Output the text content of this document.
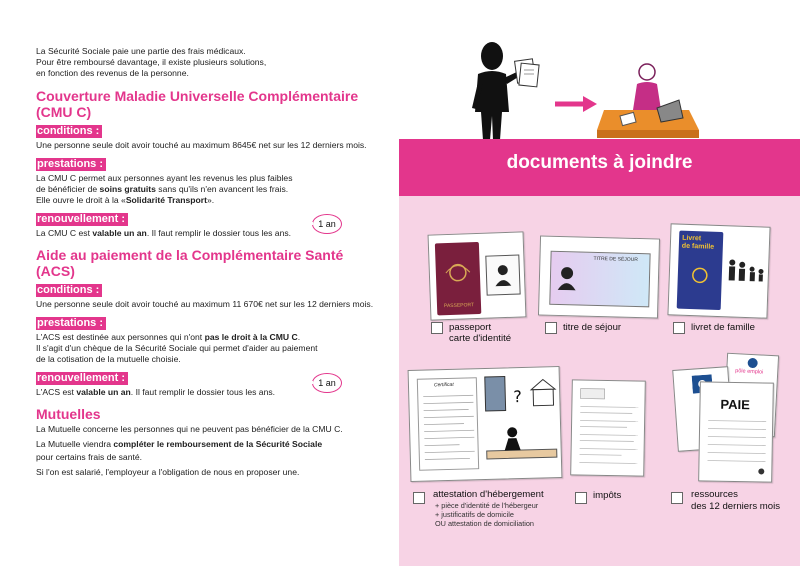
La Sécurité Sociale paie une partie des frais médicaux.
Pour être remboursé davantage, il existe plusieurs solutions,
en fonction des revenus de la personne.
Couverture Maladie Universelle Complémentaire (CMU C)
conditions :
Une personne seule doit avoir touché au maximum 8645€ net sur les 12 derniers mois.
prestations :
La CMU C permet aux personnes ayant les revenus les plus faibles
de bénéficier de soins gratuits sans qu'ils n'en avancent les frais.
Elle ouvre le droit à la «Solidarité Transport».
renouvellement :	1 an
La CMU C est valable un an. Il faut remplir le dossier tous les ans.
Aide au paiement de la Complémentaire Santé (ACS)
conditions :
Une personne seule doit avoir touché au maximum 11 670€ net sur les 12 derniers mois.
prestations :
L'ACS est destinée aux personnes qui n'ont pas le droit à la CMU C.
Il s'agit d'un chèque de la Sécurité Sociale qui permet d'aider au paiement
de la cotisation de la mutuelle choisie.
renouvellement :	1 an
L'ACS est valable un an. Il faut remplir le dossier tous les ans.
Mutuelles
La Mutuelle concerne les personnes qui ne peuvent pas bénéficier de la CMU C.
La Mutuelle viendra compléter le remboursement de la Sécurité Sociale
pour certains frais de santé.
Si l'on est salarié, l'employeur a l'obligation de nous en proposer une.
documents à joindre
PASSEPORT
passeport
carte d'identité
TITRE DE SÉJOUR
titre de séjour
Livret
de famille
livret de famille
Certificat
?
attestation d'hébergement
+ pièce d'identité de l'hébergeur
+ justificatifs de domicile
OU attestation de domiciliation
impôts
pôle emploi
PAIE
ressources
des 12 derniers mois
